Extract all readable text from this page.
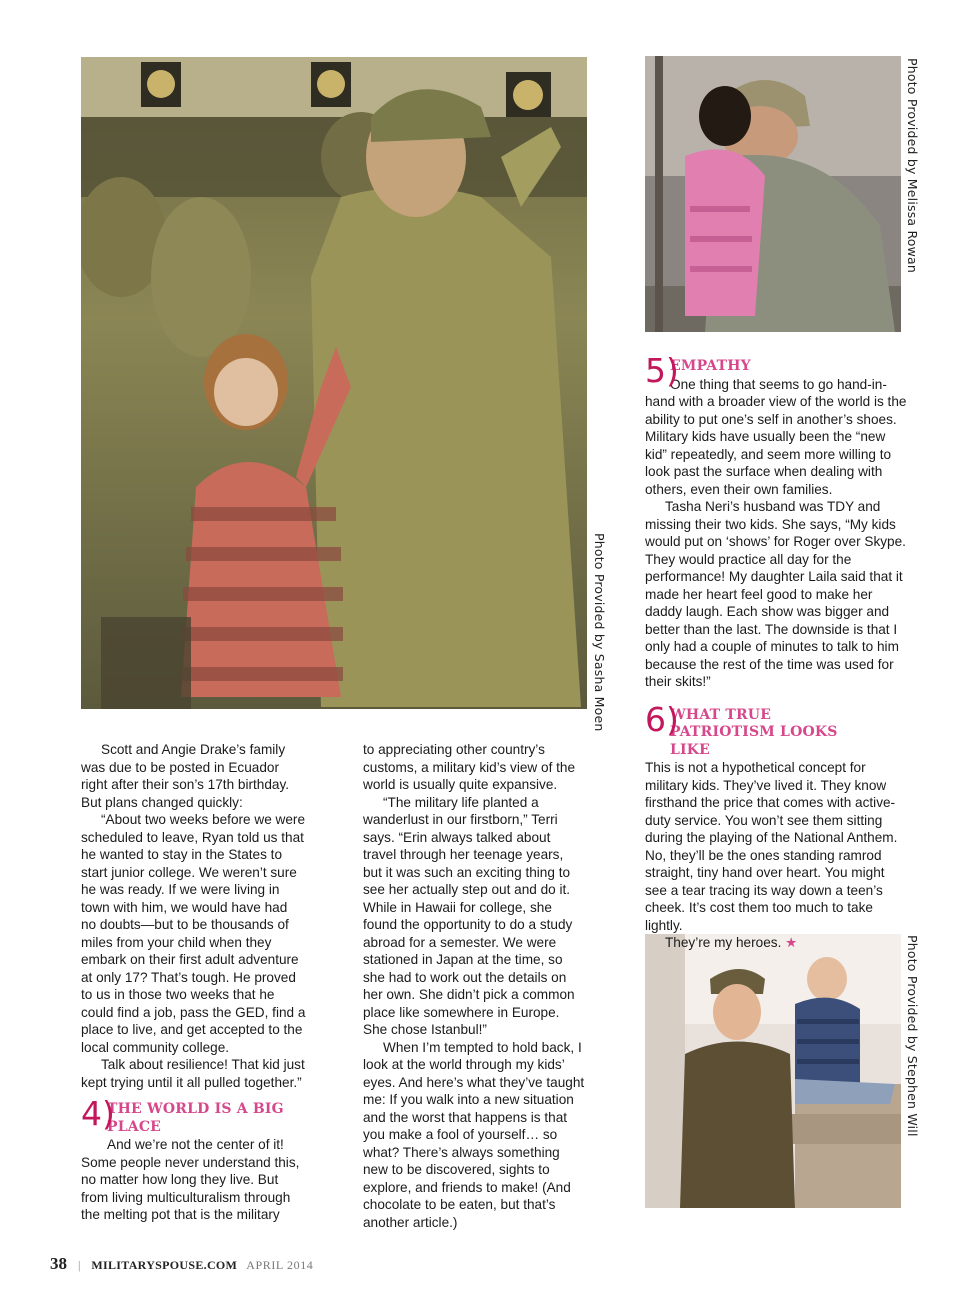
Photo Provided by Sasha Moen
Photo Provided by Melissa Rowan
Photo Provided by Stephen Will

Scott and Angie Drake’s family was due to be posted in Ecuador right after their son’s 17th birthday. But plans changed quickly:

“About two weeks before we were scheduled to leave, Ryan told us that he wanted to stay in the States to start junior college. We weren’t sure he was ready. If we were living in town with him, we would have had no doubts—but to be thousands of miles from your child when they embark on their first adult adventure at only 17? That’s tough. He proved to us in those two weeks that he could find a job, pass the GED, find a place to live, and get accepted to the local community college.

Talk about resilience! That kid just kept trying until it all pulled together.”

4)
THE WORLD IS A BIG PLACE
And we’re not the center of it!

Some people never understand this, no matter how long they live. But from living multiculturalism through the melting pot that is the military

to appreciating other country’s customs, a military kid’s view of the world is usually quite expansive.

“The military life planted a wanderlust in our firstborn,” Terri says. “Erin always talked about travel through her teenage years, but it was such an exciting thing to see her actually step out and do it. While in Hawaii for college, she found the opportunity to do a study abroad for a semester. We were stationed in Japan at the time, so she had to work out the details on her own. She didn’t pick a common place like somewhere in Europe. She chose Istanbul!”

When I’m tempted to hold back, I look at the world through my kids’ eyes. And here’s what they’ve taught me: If you walk into a new situation and the worst that happens is that you make a fool of yourself… so what? There’s always something new to be discovered, sights to explore, and friends to make! (And chocolate to be eaten, but that’s another article.)

5)
EMPATHY
One thing that seems to go hand-in-

hand with a broader view of the world is the ability to put one’s self in another’s shoes. Military kids have usually been the “new kid” repeatedly, and seem more willing to look past the surface when dealing with others, even their own families.

Tasha Neri’s husband was TDY and missing their two kids. She says, “My kids would put on ‘shows’ for Roger over Skype. They would practice all day for the performance! My daughter Laila said that it made her heart feel good to make her daddy laugh. Each show was bigger and better than the last. The downside is that I only had a couple of minutes to talk to him because the rest of the time was used for their skits!”

6)
WHAT TRUE PATRIOTISM LOOKS LIKE

This is not a hypothetical concept for military kids. They’ve lived it. They know firsthand the price that comes with active-duty service. You won’t see them sitting during the playing of the National Anthem. No, they’ll be the ones standing ramrod straight, tiny hand over heart. You might see a tear tracing its way down a teen’s cheek. It’s cost them too much to take lightly.

They’re my heroes. ★

38 | MILITARYSPOUSE.COM APRIL 2014
